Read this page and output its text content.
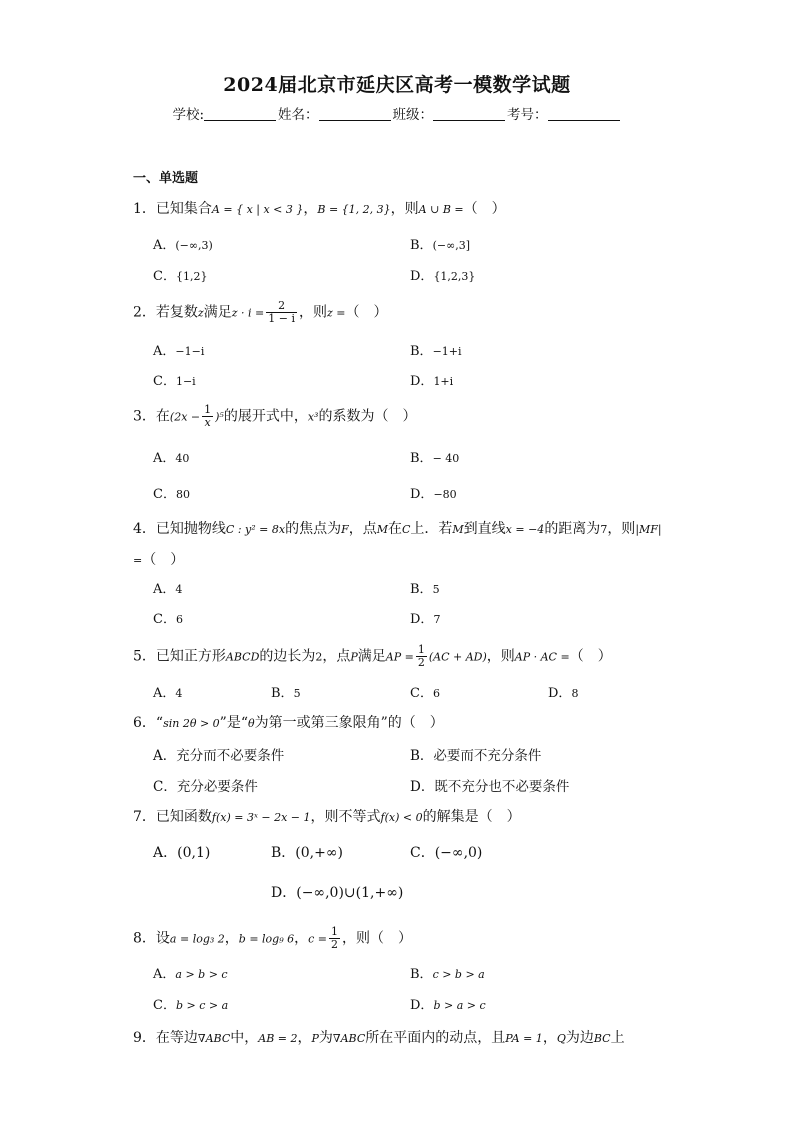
2024届北京市延庆区高考一模数学试题
学校:	姓名：	班级：	考号：
一、单选题
1．已知集合A = { x | x < 3 }，B = {1, 2, 3}，则A ∪ B =（　）
A．(−∞,3)	B．(−∞,3]
C．{1,2}	D．{1,2,3}
2．若复数z满足$z \cdot i = \frac{2}{1 - i}$ ，则z =（　）
A．−1−i	B．−1+i
C．1−i	D．1+i
3．在$(2x - \frac{1}{x} )^5$的展开式中，x³的系数为（　）
A．40	B．− 40
C．80	D．−80
4．已知抛物线C : y² = 8x的焦点为F，点M在C上．若M到直线x = −4的距离为7，则|MF| =（　）
A．4	B．5
C．6	D．7
5．已知正方形ABCD的边长为2，点P满足AP = $\frac{1}{2} (AC + AD)$，则AP · AC =（　）
A．4	B．5	C．6	D．8
6．“sin 2θ > 0”是“θ为第一或第三象限角”的（　）
A．充分而不必要条件	B．必要而不充分条件
C．充分必要条件	D．既不充分也不必要条件
7．已知函数f(x) = 3ˣ − 2x − 1，则不等式f(x) < 0的解集是（　）
A．(0,1)	B．(0,+∞)	C．(−∞,0)
D．(−∞,0)∪(1,+∞)
8．设a = log₃ 2，b = log₉ 6，$c = \frac{1}{2}$ ，则（　）
A．a > b > c	B．c > b > a
C．b > c > a	D．b > a > c
9．在等边∇ABC中，AB = 2，P为∇ABC所在平面内的动点，且PA = 1，Q为边BC上
